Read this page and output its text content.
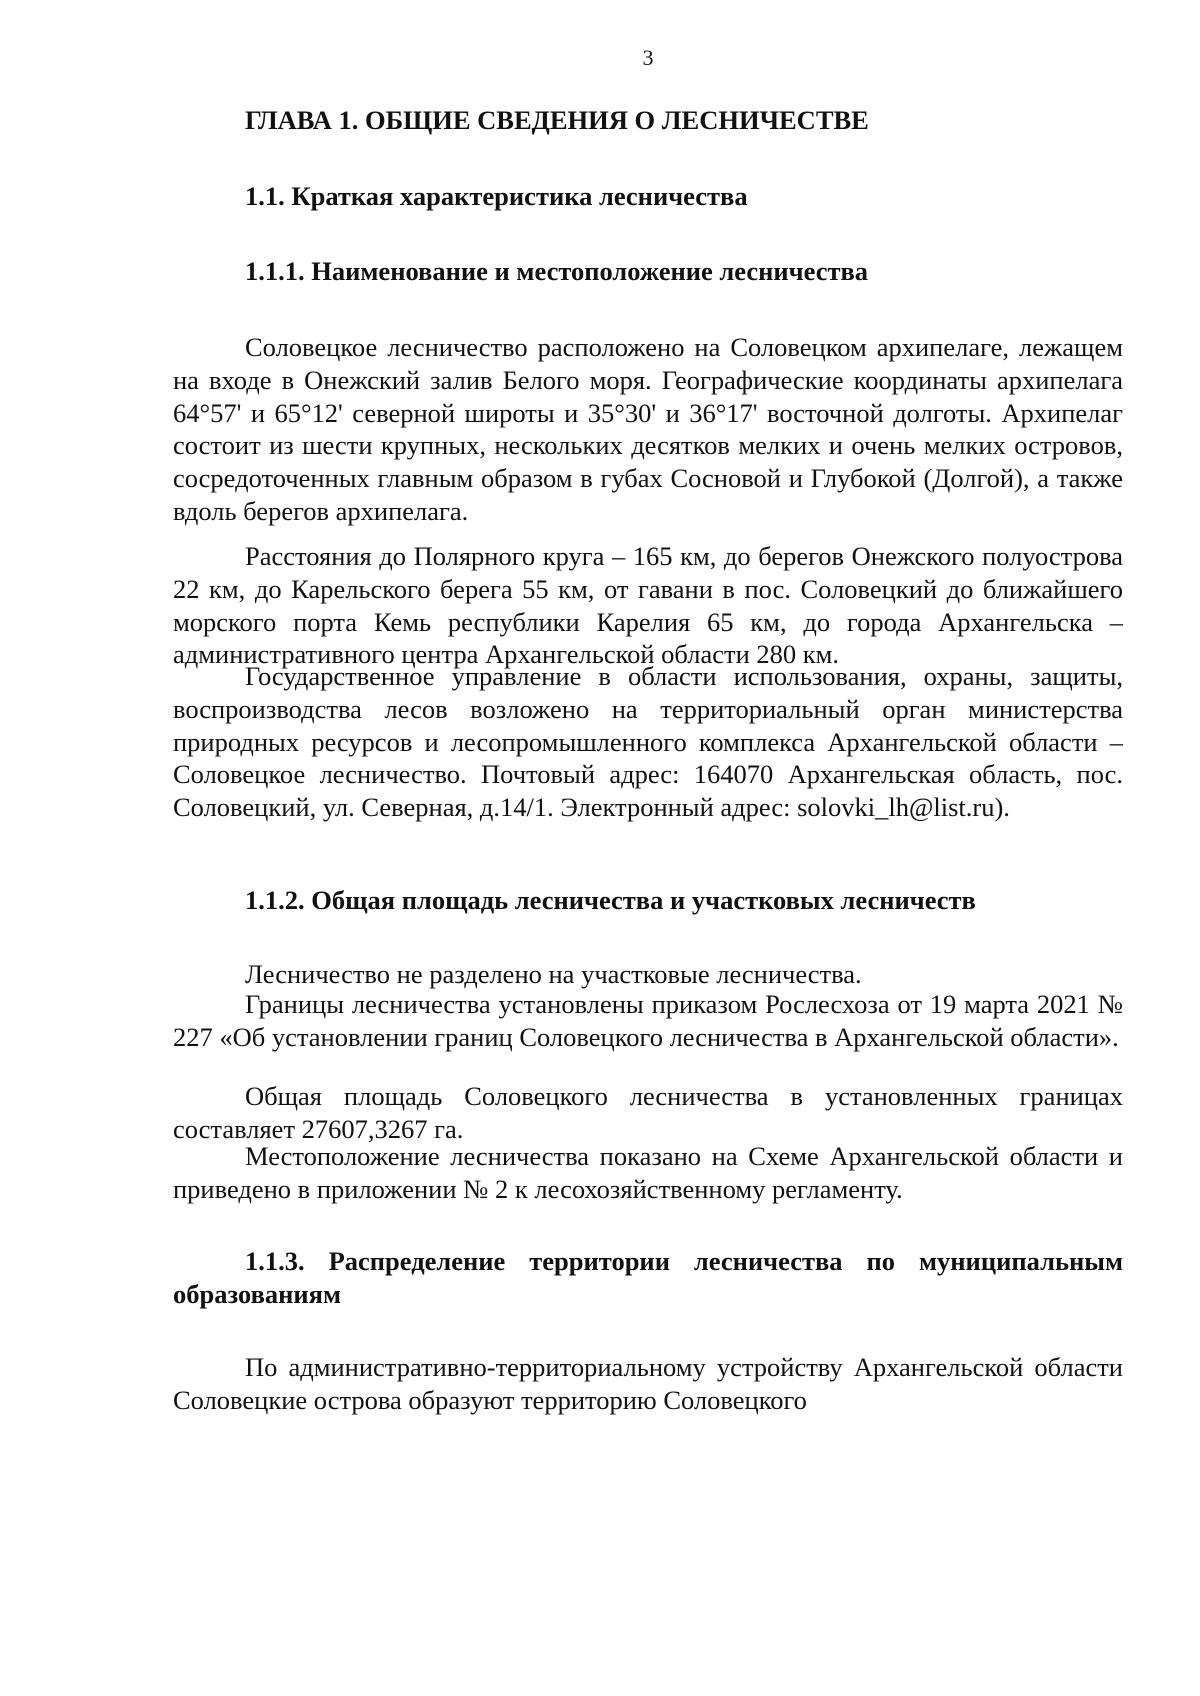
3
ГЛАВА 1. ОБЩИЕ СВЕДЕНИЯ О ЛЕСНИЧЕСТВЕ
1.1. Краткая характеристика лесничества
1.1.1. Наименование и местоположение лесничества

Соловецкое лесничество расположено на Соловецком архипелаге, лежащем на входе в Онежский залив Белого моря. Географические координаты архипелага 64°57' и 65°12' северной широты и 35°30' и 36°17' восточной долготы. Архипелаг состоит из шести крупных, нескольких десятков мелких и очень мелких островов, сосредоточенных главным образом в губах Сосновой и Глубокой (Долгой), а также вдоль берегов архипелага.

Расстояния до Полярного круга – 165 км, до берегов Онежского полуострова 22 км, до Карельского берега 55 км, от гавани в пос. Соловецкий до ближайшего морского порта Кемь республики Карелия 65 км, до города Архангельска – административного центра Архангельской области 280 км.

Государственное управление в области использования, охраны, защиты, воспроизводства лесов возложено на территориальный орган министерства природных ресурсов и лесопромышленного комплекса Архангельской области – Соловецкое лесничество. Почтовый адрес: 164070 Архангельская область, пос. Соловецкий, ул. Северная, д.14/1. Электронный адрес: solovki_lh@list.ru).

1.1.2. Общая площадь лесничества и участковых лесничеств

Лесничество не разделено на участковые лесничества.

Границы лесничества установлены приказом Рослесхоза от 19 марта 2021 № 227 «Об установлении границ Соловецкого лесничества в Архангельской области».

Общая площадь Соловецкого лесничества в установленных границах составляет 27607,3267 га.

Местоположение лесничества показано на Схеме Архангельской области и приведено в приложении № 2 к лесохозяйственному регламенту.

1.1.3. Распределение территории лесничества по муниципальным образованиям

По административно-территориальному устройству Архангельской области Соловецкие острова образуют территорию Соловецкого
